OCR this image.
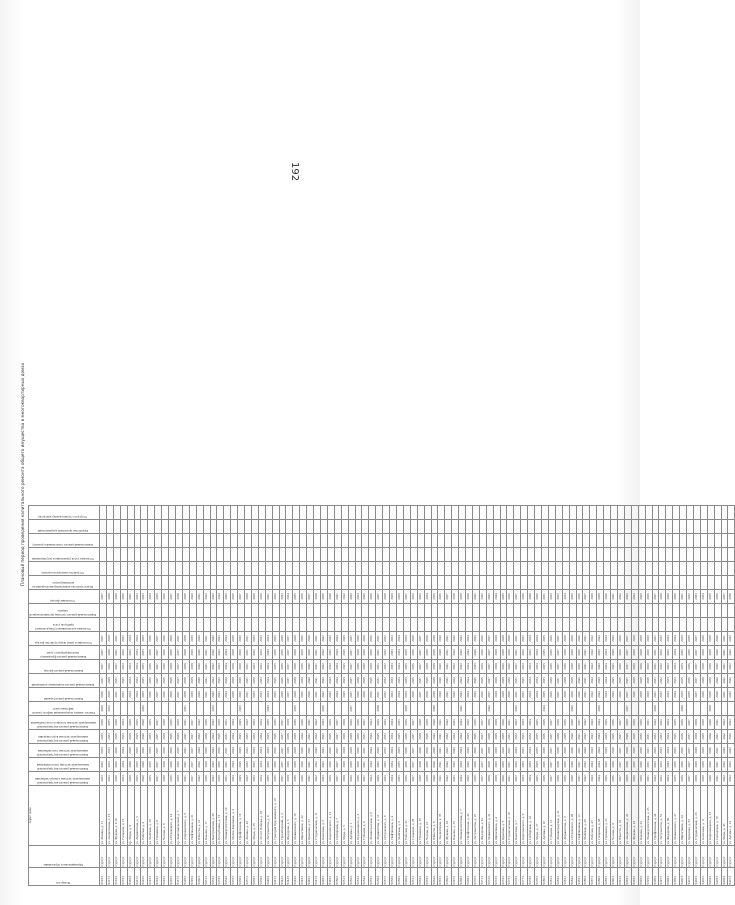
192
Плановый период проведения капитального ремонта общего имущества в многоквартирных домах
Номер п/п	Муниципальное образование	Адрес дома	Капитальный ремонт внутридомовой инженерной системы электроснабжения	Капитальный ремонт внутридомовой инженерной системы теплоснабжения	Капитальный ремонт внутридомовой инженерной системы газоснабжения	Капитальный ремонт внутридомовой инженерной системы водоотведения	Капитальный ремонт внутридомовой инженерной системы холодного водоснабжения	Ремонт, замена, модернизация лифтов, ремонт лифтовых шахт	Капитальный ремонт крыши	Капитальный ремонт подвальных помещений	Капитальный ремонт фасада	Капитальный ремонт фундамента многоквартирного дома	Утепление и (или) переустройство фасада	Установка коллективных (общедомовых) приборов учета	Капитальный ремонт системы противопожарной защиты	Утепление фасада	Переустройство невентилируемой крыши на вентилируемую	Устройство выходов на кровлю	Установка узлов управления и регулирования	Капитальный ремонт, отнесенный к ремонту	Разработка проектной документации	Услуги по строительному контролю

9316/1	Сургут	ул. Ленина, д. 11	2032	2032	2025	2025	2029	2029	2030	2027	2027	2027	2027			2027						
9317/1	Сургут	ул. Энергетиков, д. 15	2033	2033	2033	2033	2035	2032	2028	2028	2028	2028	2028			2028						
9318/1	Сургут	ул. Жукова, д. 2/10	2036	2036	2036	2036	2036		2031	2031	2031	2031	2031			2029						
9319/1	Сургут	ул. Гагарина, д. 12	2034	2034	2034	2034	2034		2032	2032	2032	2032	2032			2030						
9320/1	Сургут	пр. Мира, д. 9	2029	2029	2029	2029	2029		2033	2033	2033	2033	2033			2031						
9321/1	Сургут	ул. Лермонтова, д. 3	2025	2025	2025	2025	2025		2034	2034	2034	2034	2034			2032						
9322/1	Сургут	ул. Рабочая, д. 4	2040	2040	2040	2040	2040	2030	2035	2035	2035	2035	2035			2033						
9323/1	Сургут	ул. Майская, д. 10	2035	2035	2035	2035	2035		2036	2036	2036	2036	2036			2034						
9324/1	Сургут	ул. Пушкина, д. 8	2037	2037	2037	2037	2037		2027	2027	2027	2027	2027			2035						
9325/1	Сургут	ул. Чехова, д. 6	2038	2038	2038	2038	2038		2026	2026	2026	2026	2026			2036						
9326/1	Сургут	ул. Островского, д. 14	2026	2026	2026	2026	2026		2029	2029	2029	2029	2029			2037						
9327/1	Сургут	пр. Комсомольский, д. 7	2039	2039	2039	2039	2039		2037	2037	2037	2037	2037			2038						
9328/1	Сургут	ул. Дзержинского, д. 5	2041	2041	2041	2041	2041	2031	2038	2038	2038	2038	2038			2039						
9329/1	Сургут	ул. Нефтяников, д. 21	2027	2027	2027	2027	2027		2039	2039	2039	2039	2039			2040						
9330/1	Сургут	ул. Юности, д. 13	2042	2042	2042	2042	2042		2040	2040	2040	2040	2040			2041						
9331/1	Сургут	ул. Бажова, д. 17	2028	2028	2028	2028	2028		2041	2041	2041	2041	2041			2042						
9332/1	Сургут	ул. Быстринская, д. 20	2043	2043	2043	2043	2043	2032	2042	2042	2042	2042	2042			2043						
9333/1	Сургут	ул. Республики, д. 73	2030	2030	2030	2030	2030		2043	2043	2043	2043	2043			2044						
9334/1	Сургут	ул. Университетская, д. 19	2031	2031	2031	2031	2031		2044	2044	2044	2044	2044			2045						
9335/1	Сургут	ул. Мелик-Карамова, д. 4	2044	2044	2044	2044	2044		2028	2028	2028	2028	2028			2026						
9336/1	Сургут	ул. Профсоюзов, д. 12	2045	2045	2045	2045	2045	2033	2030	2030	2030	2030	2030			2027						
9337/1	Сургут	ул. Ленина, д. 43	2032	2032	2032	2032	2032		2031	2031	2031	2031	2031			2028						
9338/1	Сургут	пр. Мира, д. 35	2033	2033	2033	2033	2033		2032	2032	2032	2032	2032			2029						
9339/1	Сургут	ул. 30 лет Победы, д. 28	2034	2034	2034	2034	2034		2033	2033	2033	2033	2033			2030						
9340/1	Сургут	ул. Энтузиастов, д. 9	2035	2035	2035	2035	2035	2034	2034	2034	2034	2034	2034			2031						
9341/1	Сургут	ул. Григория Кукуевицкого, д. 10	2036	2036	2036	2036	2036		2035	2035	2035	2035	2035			2032						
9342/1	Сургут	ул. Пролетарский, д. 2	2037	2037	2037	2037	2037		2036	2036	2036	2036	2036			2033						
9343/1	Сургут	ул. Федорова, д. 5	2038	2038	2038	2038	2038		2037	2037	2037	2037	2037			2034						
9344/1	Сургут	ул. Маяковского, д. 16	2039	2039	2039	2039	2039	2035	2038	2038	2038	2038	2038			2035						
9345/1	Сургут	ул. Щепеткина, д. 22	2040	2040	2040	2040	2040		2039	2039	2039	2039	2039			2036						
9346/1	Сургут	ул. Крылова, д. 31	2041	2041	2041	2041	2041		2040	2040	2040	2040	2040			2037						
9347/1	Сургут	ул. Студенческая, д. 11	2042	2042	2042	2042	2042		2041	2041	2041	2041	2041			2038						
9348/1	Сургут	ул. Бахилова, д. 3	2043	2043	2043	2043	2043	2036	2042	2042	2042	2042	2042			2039						
9349/1	Сургут	ул. Каролинского, д. 14	2026	2026	2026	2026	2026		2043	2043	2043	2043	2043			2040						
9350/1	Сургут	ул. Сибирская, д. 7	2027	2027	2027	2027	2027		2044	2044	2044	2044	2044			2041						
9351/1	Сургут	ул. Мира, д. 5	2028	2028	2028	2028	2028		2045	2045	2045	2045	2045			2042						
9352/1	Сургут	ул. Артема, д. 1	2029	2029	2029	2029	2029	2037	2027	2027	2027	2027	2027			2043						
9353/1	Сургут	ул. Кукуевицкого, д. 2	2030	2030	2030	2030	2030		2028	2028	2028	2028	2028			2044						
9354/1	Сургут	ул. Губкина, д. 8	2031	2031	2031	2031	2031		2029	2029	2029	2029	2029			2045						
9355/1	Сургут	ул. Ленинградская, д. 6	2044	2044	2044	2044	2044		2030	2030	2030	2030	2030			2026						
9356/1	Сургут	ул. Лермонтова, д. 11	2045	2045	2045	2045	2045	2038	2031	2031	2031	2031	2031			2027						
9357/1	Сургут	ул. Островского, д. 9	2033	2033	2033	2033	2033		2032	2032	2032	2032	2032			2028						
9358/1	Сургут	ул. Нефтяников, д. 4	2034	2034	2034	2034	2034		2033	2033	2033	2033	2033			2029						
9359/1	Сургут	ул. Майская, д. 6	2035	2035	2035	2035	2035		2034	2034	2034	2034	2034			2030						
9360/1	Сургут	ул. Рабочая, д. 31	2036	2036	2036	2036	2036	2039	2035	2035	2035	2035	2035			2031						
9361/1	Сургут	ул. Гагарина, д. 26	2037	2037	2037	2037	2037		2036	2036	2036	2036	2036			2032						
9362/1	Сургут	ул. Пушкина, д. 15	2038	2038	2038	2038	2038		2037	2037	2037	2037	2037			2033						
9363/1	Сургут	ул. Чехова, д. 10	2039	2039	2039	2039	2039		2038	2038	2038	2038	2038			2034						
9364/1	Сургут	ул. Юности, д. 8	2040	2040	2040	2040	2040	2040	2039	2039	2039	2039	2039			2035						
9365/1	Сургут	ул. Энергетиков, д. 35	2041	2041	2041	2041	2041		2040	2040	2040	2040	2040			2036						
9366/1	Сургут	ул. Жукова, д. 18	2042	2042	2042	2042	2042		2041	2041	2041	2041	2041			2037						
9367/1	Сургут	ул. Бажова, д. 25	2043	2043	2043	2043	2043		2042	2042	2042	2042	2042			2038						
9368/1	Сургут	ул. Университетская, д. 7	2044	2044	2044	2044	2044	2041	2043	2043	2043	2043	2043			2039						
9369/1	Сургут	ул. Профсоюзов, д. 40	2045	2045	2045	2045	2045		2044	2044	2044	2044	2044			2040						
9370/1	Сургут	ул. Энтузиастов, д. 27	2026	2026	2026	2026	2026		2045	2045	2045	2045	2045			2041						
9371/1	Сургут	ул. Федорова, д. 61	2027	2027	2027	2027	2027		2026	2026	2026	2026	2026			2042						
9372/1	Сургут	ул. Маяковского, д. 31	2028	2028	2028	2028	2028	2042	2027	2027	2027	2027	2027			2043						
9373/1	Сургут	ул. Щепеткина, д. 4	2029	2029	2029	2029	2029		2028	2028	2028	2028	2028			2044						
9374/1	Сургут	ул. Крылова, д. 5	2030	2030	2030	2030	2030		2029	2029	2029	2029	2029			2045						
9375/1	Сургут	ул. Студенческая, д. 19	2031	2031	2031	2031	2031		2030	2030	2030	2030	2030			2026						
9376/1	Сургут	ул. Бахилова, д. 7	2032	2032	2032	2032	2032	2043	2031	2031	2031	2031	2031			2027						
9377/1	Сургут	ул. Каролинского, д. 9	2033	2033	2033	2033	2033		2032	2032	2032	2032	2032			2028						
9378/1	Сургут	ул. Сибирская, д. 14	2034	2034	2034	2034	2034		2033	2033	2033	2033	2033			2029						
9379/1	Сургут	ул. Мира, д. 37	2035	2035	2035	2035	2035		2034	2034	2034	2034	2034			2030						
9380/1	Сургут	ул. Артема, д. 10	2036	2036	2036	2036	2036	2044	2035	2035	2035	2035	2035			2031						
9381/1	Сургут	ул. Губкина, д. 13	2037	2037	2037	2037	2037		2036	2036	2036	2036	2036			2032						
9382/1	Сургут	ул. Ленинградская, д. 11	2038	2038	2038	2038	2038		2037	2037	2037	2037	2037			2033						
9383/1	Сургут	ул. Лермонтова, д. 2	2039	2039	2039	2039	2039		2038	2038	2038	2038	2038			2034						
9384/1	Сургут	ул. Островского, д. 29	2040	2040	2040	2040	2040	2045	2039	2039	2039	2039	2039			2035						
9385/1	Сургут	ул. Нефтяников, д. 12	2041	2041	2041	2041	2041		2040	2040	2040	2040	2040			2036						
9386/1	Сургут	ул. Майская, д. 20	2042	2042	2042	2042	2042		2041	2041	2041	2041	2041			2037						
9387/1	Сургут	ул. Рабочая, д. 45	2043	2043	2043	2043	2043		2042	2042	2042	2042	2042			2038						
9388/1	Сургут	ул. Гагарина, д. 38	2044	2044	2044	2044	2044	2026	2043	2043	2043	2043	2043			2039						
9389/1	Сургут	ул. Пушкина, д. 21	2045	2045	2045	2045	2045		2044	2044	2044	2044	2044			2040						
9390/1	Сургут	ул. Чехова, д. 4	2026	2026	2026	2026	2026		2045	2045	2045	2045	2045			2041						
9391/1	Сургут	ул. Юности, д. 31	2027	2027	2027	2027	2027		2026	2026	2026	2026	2026			2042						
9392/1	Сургут	ул. Энергетиков, д. 41	2028	2028	2028	2028	2028	2027	2027	2027	2027	2027	2027			2043						
9393/1	Сургут	ул. Жукова, д. 24	2029	2029	2029	2029	2029		2028	2028	2028	2028	2028			2044						
9394/1	Сургут	ул. Бажова, д. 33	2030	2030	2030	2030	2030		2029	2029	2029	2029	2029			2045						
9395/1	Сургут	ул. Университетская, д. 23	2031	2031	2031	2031	2031		2030	2030	2030	2030	2030			2026						
9396/1	Сургут	ул. Профсоюзов, д. 44	2032	2032	2032	2032	2032	2028	2031	2031	2031	2031	2031			2027						
9397/1	Сургут	ул. Энтузиастов, д. 51	2033	2033	2033	2033	2033		2032	2032	2032	2032	2032			2028						
9398/1	Сургут	ул. Федорова, д. 59	2034	2034	2034	2034	2034		2033	2033	2033	2033	2033			2029						
9399/1	Сургут	ул. Маяковского, д. 47	2035	2035	2035	2035	2035		2034	2034	2034	2034	2034			2030						
9400/1	Сургут	ул. Щепеткина, д. 34	2036	2036	2036	2036	2036	2029	2035	2035	2035	2035	2035			2031						
9401/1	Сургут	ул. Крылова, д. 53	2037	2037	2037	2037	2037		2036	2036	2036	2036	2036			2032						
9402/1	Сургут	ул. Студенческая, д. 23	2038	2038	2038	2038	2038		2037	2037	2037	2037	2037			2033						
9403/1	Сургут	ул. Бахилова, д. 11	2039	2039	2039	2039	2039		2038	2038	2038	2038	2038			2034						
9404/1	Сургут	ул. Каролинского, д. 13	2040	2040	2040	2040	2040	2030	2039	2039	2039	2039	2039			2035						
9405/1	Сургут	ул. Сибирская, д. 18	2041	2041	2041	2041	2041		2040	2040	2040	2040	2040			2036						
9406/1	Сургут	ул. Мира, д. 43	2042	2042	2042	2042	2042		2041	2041	2041	2041	2041			2037						
9407/1	Сургут	ул. Артема, д. 14	2043	2043	2043	2043	2043		2042	2042	2042	2042	2042			2038						
